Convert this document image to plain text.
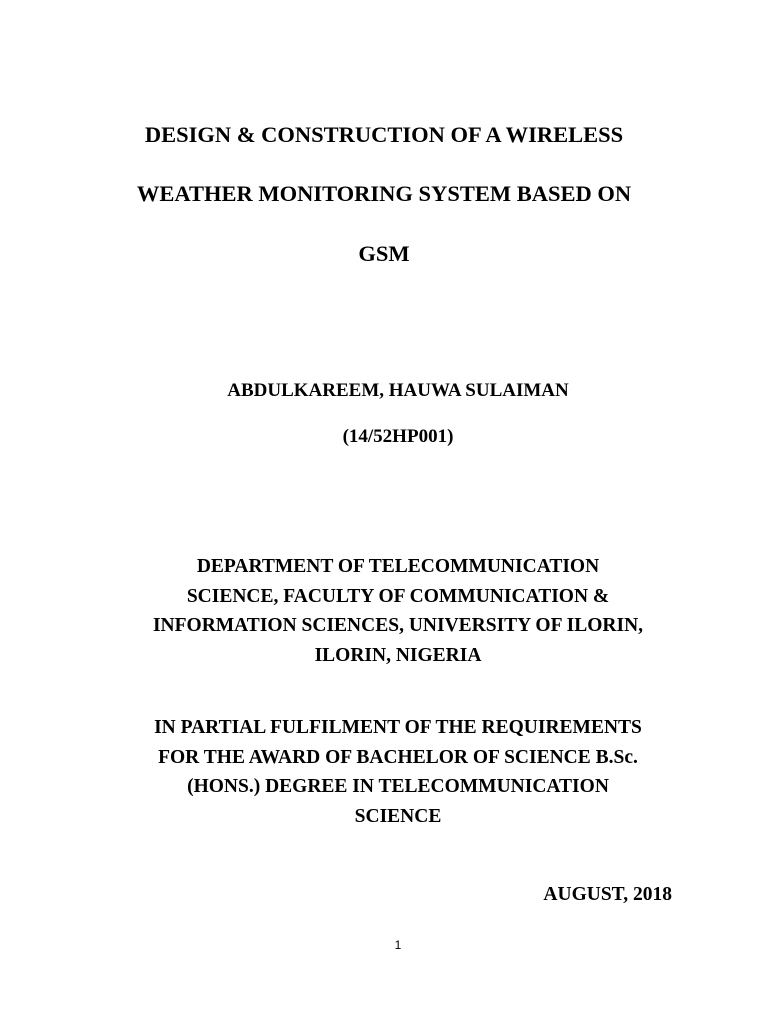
DESIGN & CONSTRUCTION OF A WIRELESS
WEATHER MONITORING SYSTEM BASED ON
GSM
ABDULKAREEM, HAUWA SULAIMAN
(14/52HP001)
DEPARTMENT OF TELECOMMUNICATION
SCIENCE, FACULTY OF COMMUNICATION &
INFORMATION SCIENCES, UNIVERSITY OF ILORIN,
ILORIN, NIGERIA
IN PARTIAL FULFILMENT OF THE REQUIREMENTS
FOR THE AWARD OF BACHELOR OF SCIENCE B.Sc.
(HONS.) DEGREE IN TELECOMMUNICATION
SCIENCE
AUGUST, 2018
1
